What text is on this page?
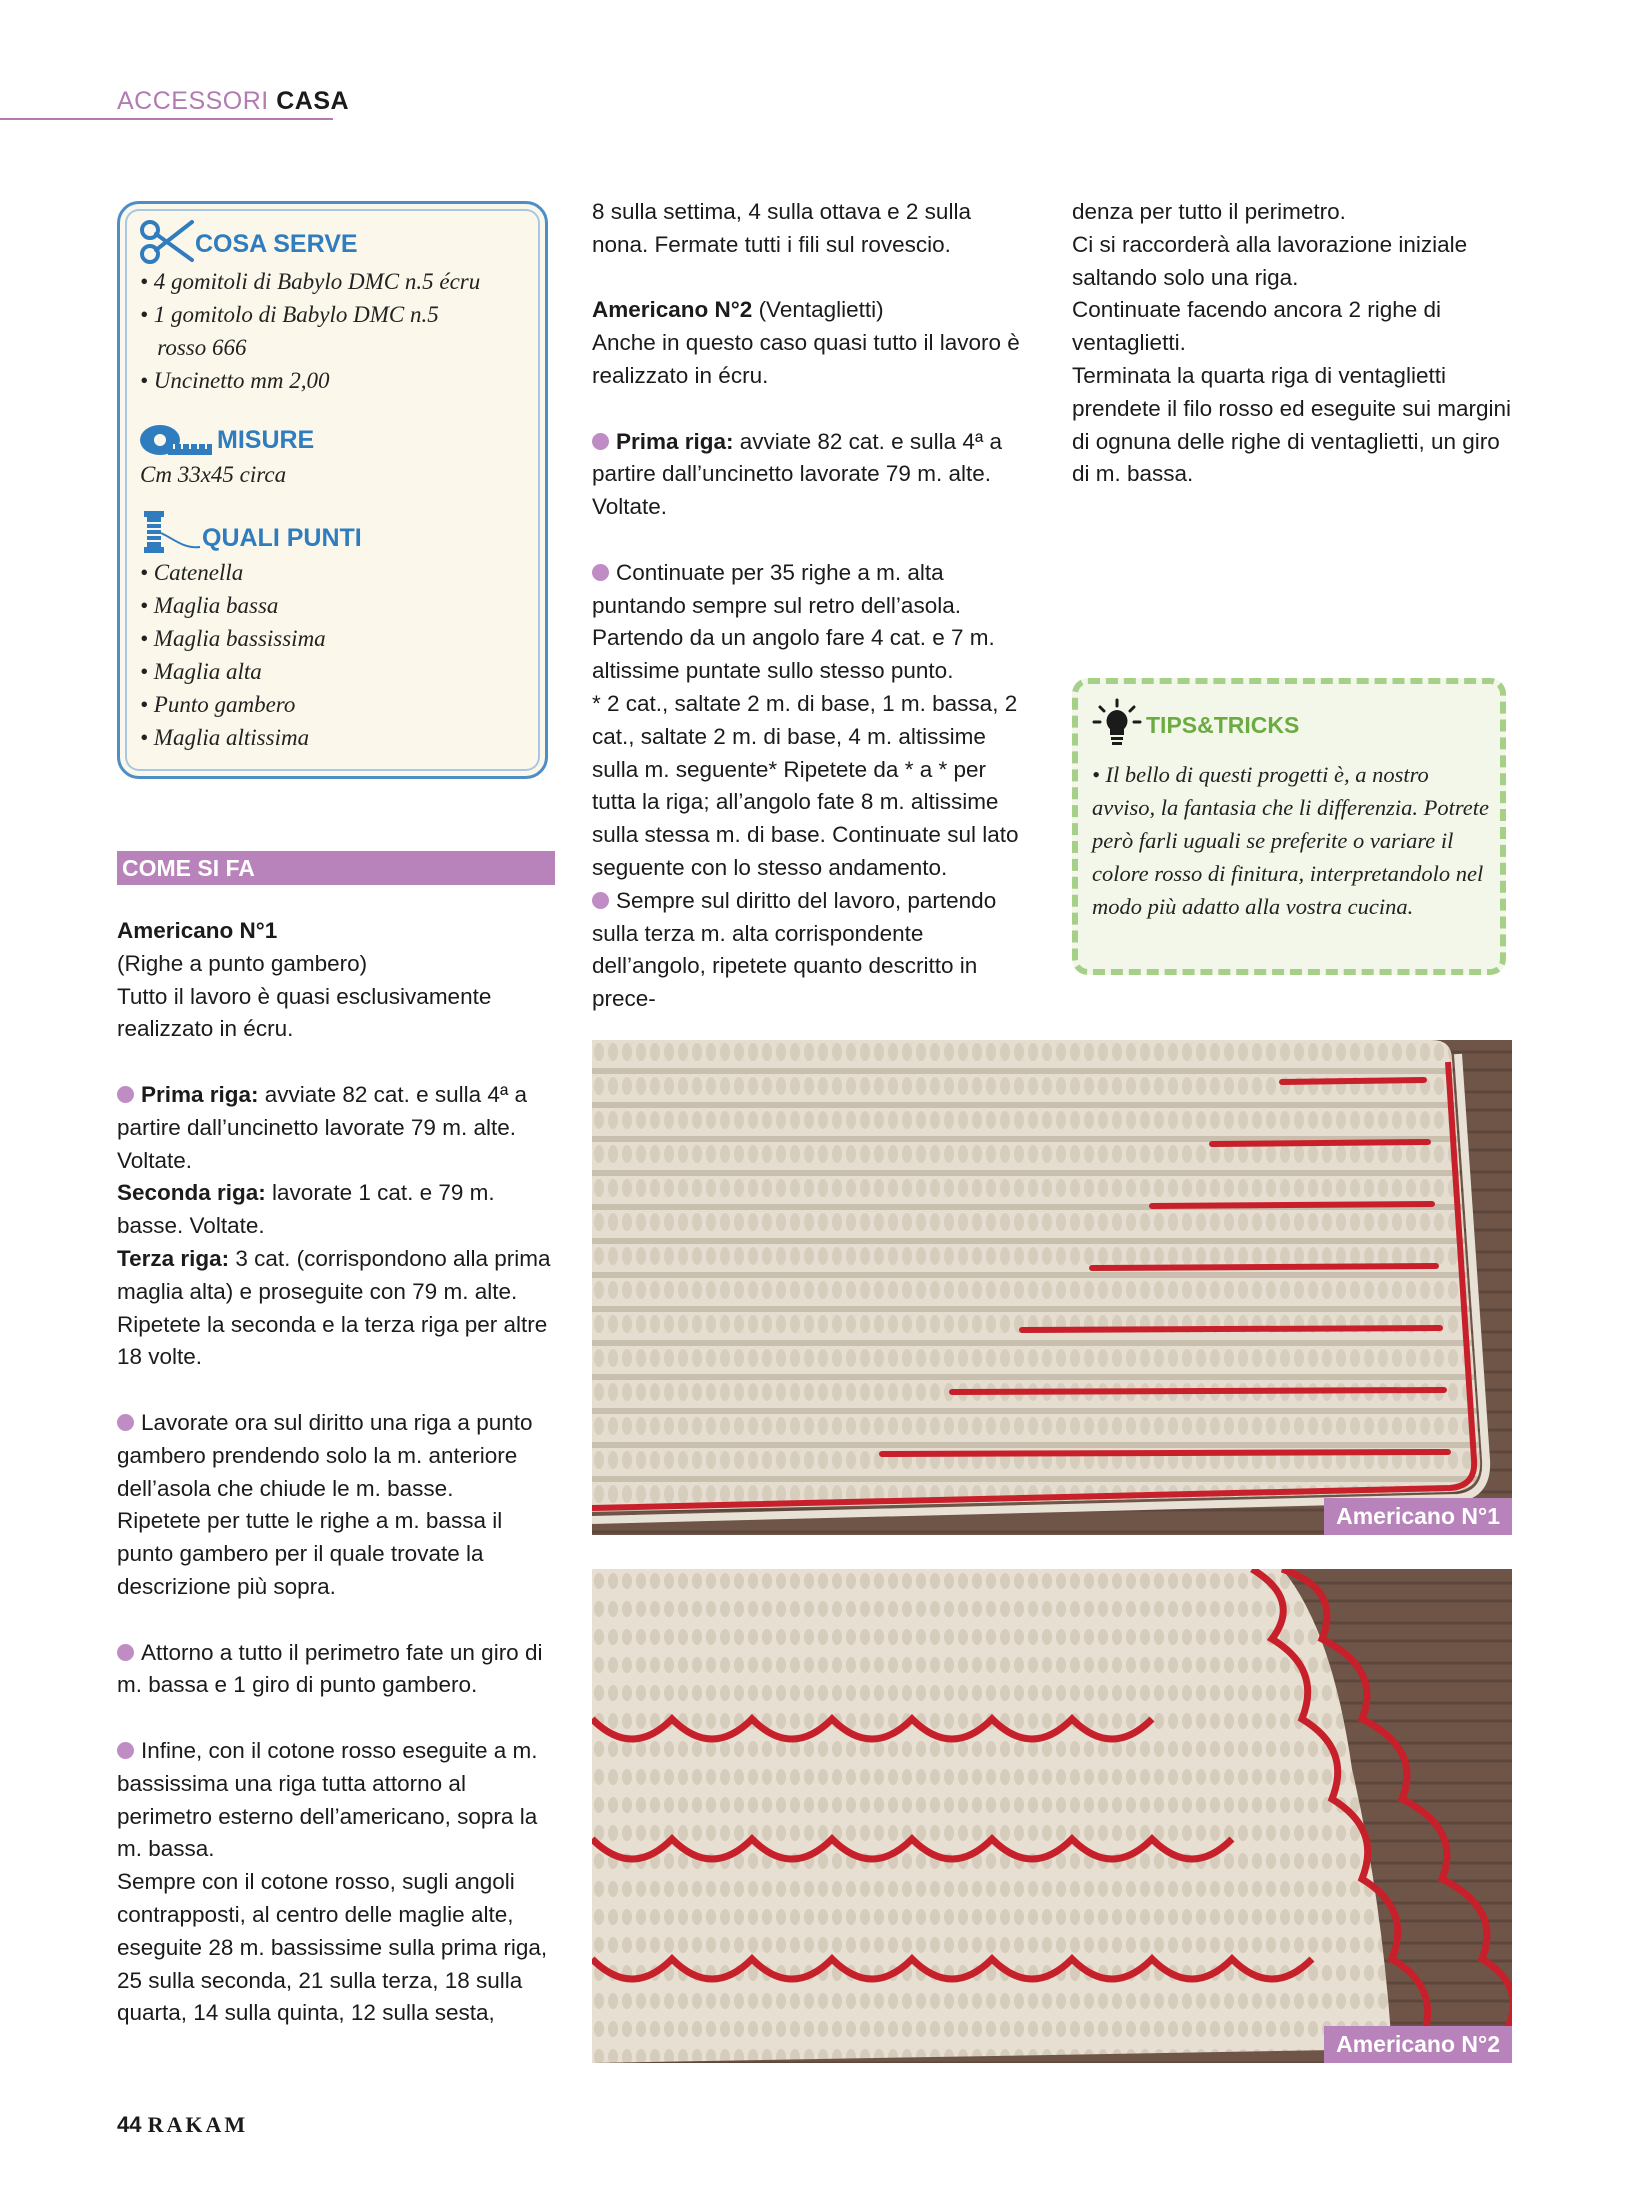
ACCESSORI CASA
COSA SERVE
• 4 gomitoli di Babylo DMC n.5 écru
• 1 gomitolo di Babylo DMC n.5
rosso 666
• Uncinetto mm 2,00
MISURE
Cm 33x45 circa
QUALI PUNTI
• Catenella
• Maglia bassa
• Maglia bassissima
• Maglia alta
• Punto gambero
• Maglia altissima
COME SI FA

Americano N°1

(Righe a punto gambero)

Tutto il lavoro è quasi esclusivamente realizzato in écru.

Prima riga: avviate 82 cat. e sulla 4ª a partire dall’uncinetto lavorate 79 m. alte. Voltate.

Seconda riga: lavorate 1 cat. e 79 m. basse. Voltate.

Terza riga: 3 cat. (corrispondono alla prima maglia alta) e proseguite con 79 m. alte.

Ripetete la seconda e la terza riga per altre 18 volte.

Lavorate ora sul diritto una riga a punto gambero prendendo solo la m. anteriore dell’asola che chiude le m. basse.

Ripetete per tutte le righe a m. bassa il punto gambero per il quale trovate la descrizione più sopra.

Attorno a tutto il perimetro fate un giro di m. bassa e 1 giro di punto gambero.

Infine, con il cotone rosso eseguite a m. bassissima una riga tutta attorno al perimetro esterno dell’americano, sopra la m. bassa.

Sempre con il cotone rosso, sugli angoli contrapposti, al centro delle maglie alte, eseguite 28 m. bassissime sulla prima riga, 25 sulla seconda, 21 sulla terza, 18 sulla quarta, 14 sulla quinta, 12 sulla sesta,

8 sulla settima, 4 sulla ottava e 2 sulla nona. Fermate tutti i fili sul rovescio.

Americano N°2 (Ventaglietti)

Anche in questo caso quasi tutto il lavoro è realizzato in écru.

Prima riga: avviate 82 cat. e sulla 4ª a partire dall’uncinetto lavorate 79 m. alte. Voltate.

Continuate per 35 righe a m. alta puntando sempre sul retro dell’asola.

Partendo da un angolo fare 4 cat. e 7 m. altissime puntate sullo stesso punto.

* 2 cat., saltate 2 m. di base, 1 m. bassa, 2 cat., saltate 2 m. di base, 4 m. altissime sulla m. seguente* Ripetete da * a * per tutta la riga; all’angolo fate 8 m. altissime sulla stessa m. di base. Continuate sul lato seguente con lo stesso andamento.

Sempre sul diritto del lavoro, partendo sulla terza m. alta corrispondente dell’angolo, ripetete quanto descritto in prece-

denza per tutto il perimetro.

Ci si raccorderà alla lavorazione iniziale saltando solo una riga.

Continuate facendo ancora 2 righe di ventaglietti.

Terminata la quarta riga di ventaglietti prendete il filo rosso ed eseguite sui margini di ognuna delle righe di ventaglietti, un giro di m. bassa.

TIPS&TRICKS
• Il bello di questi progetti è, a nostro avviso, la fantasia che li differenzia. Potrete però farli uguali se preferite o variare il colore rosso di finitura, interpretandolo nel modo più adatto alla vostra cucina.
Americano N°1
Americano N°2
44 RAKAM
